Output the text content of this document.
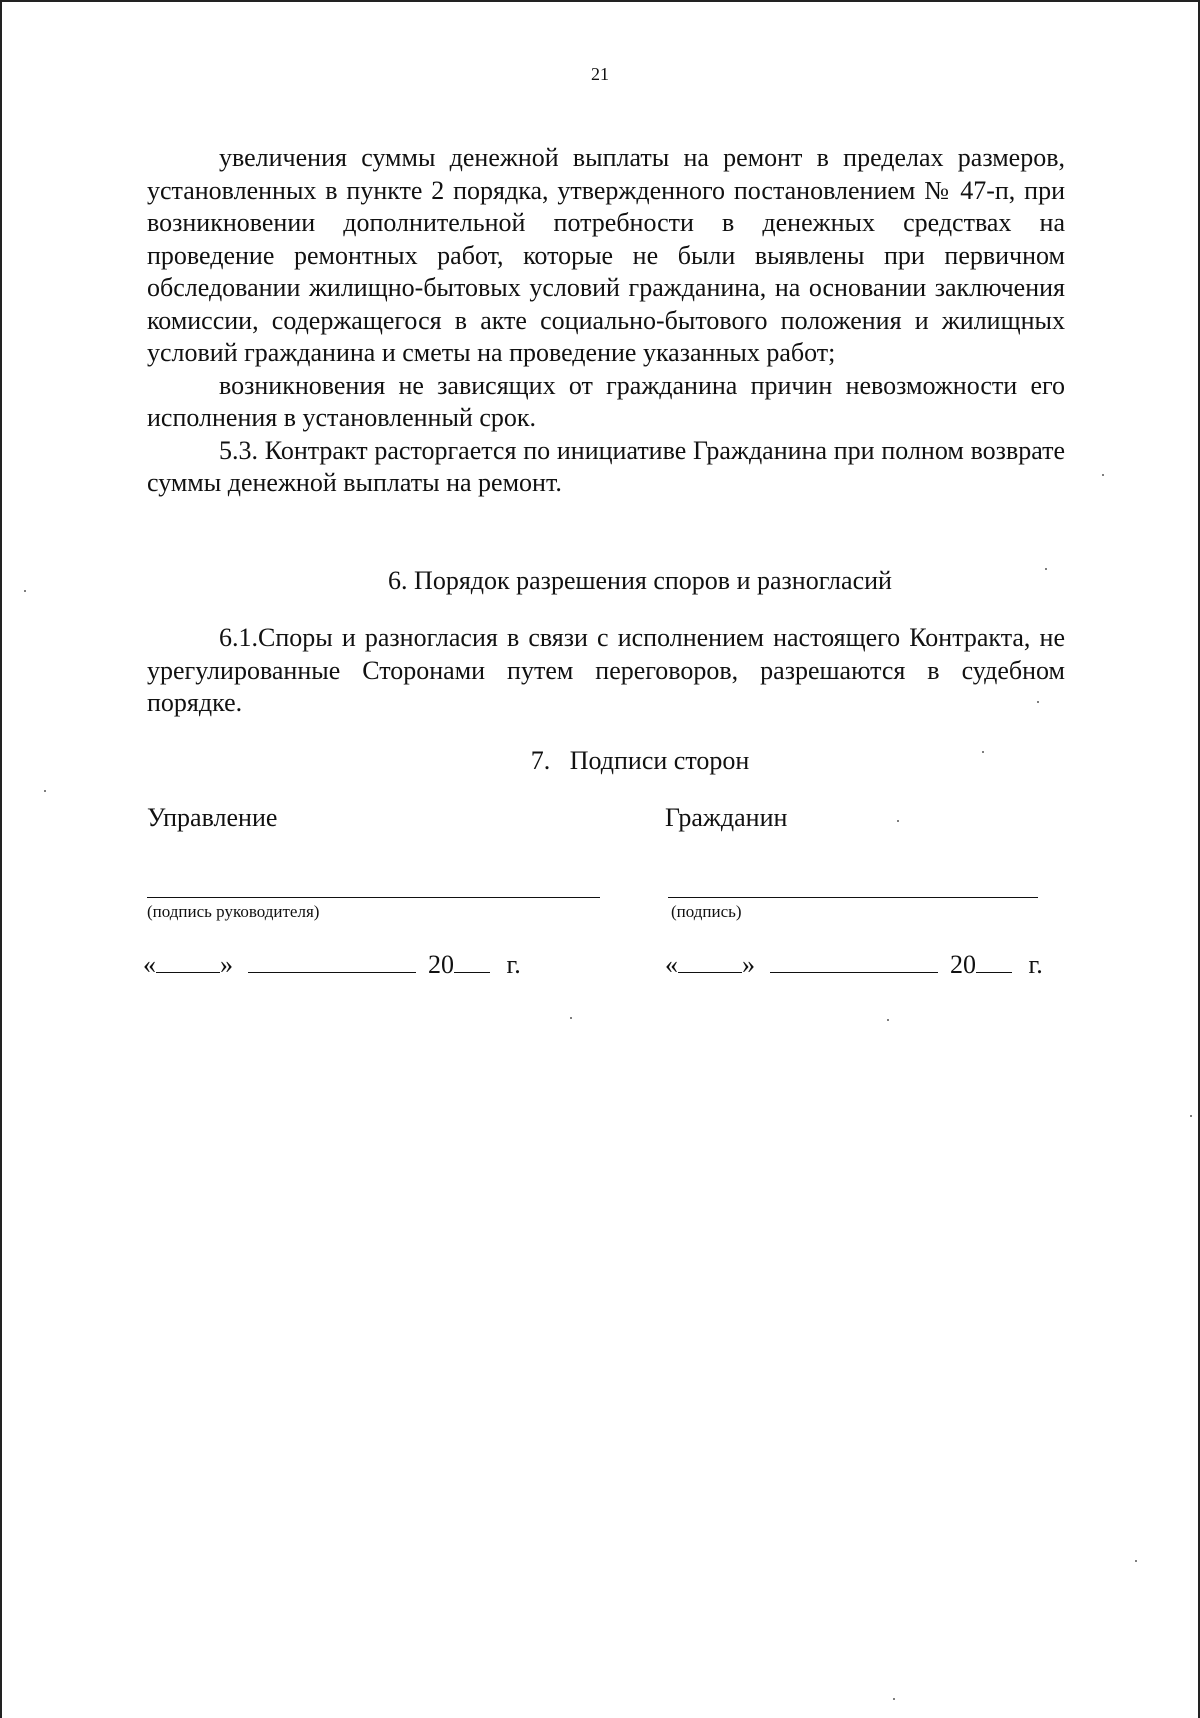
21

увеличения суммы денежной выплаты на ремонт в пределах размеров, установленных в пункте 2 порядка, утвержденного постановлением № 47-п, при возникновении дополнительной потребности в денежных средствах на проведение ремонтных работ, которые не были выявлены при первичном обследовании жилищно-бытовых условий гражданина, на основании заключения комиссии, содержащегося в акте социально-бытового положения и жилищных условий гражданина и сметы на проведение указанных работ;

возникновения не зависящих от гражданина причин невозможности его исполнения в установленный срок.

5.3. Контракт расторгается по инициативе Гражданина при полном возврате суммы денежной выплаты на ремонт.

6. Порядок разрешения споров и разногласий

6.1.Споры и разногласия в связи с исполнением настоящего Контракта, не урегулированные Сторонами путем переговоров, разрешаются в судебном порядке.

7.   Подписи сторон
Управление
(подпись руководителя)
« »	20 г.
Гражданин
(подпись)
« »	20 г.
